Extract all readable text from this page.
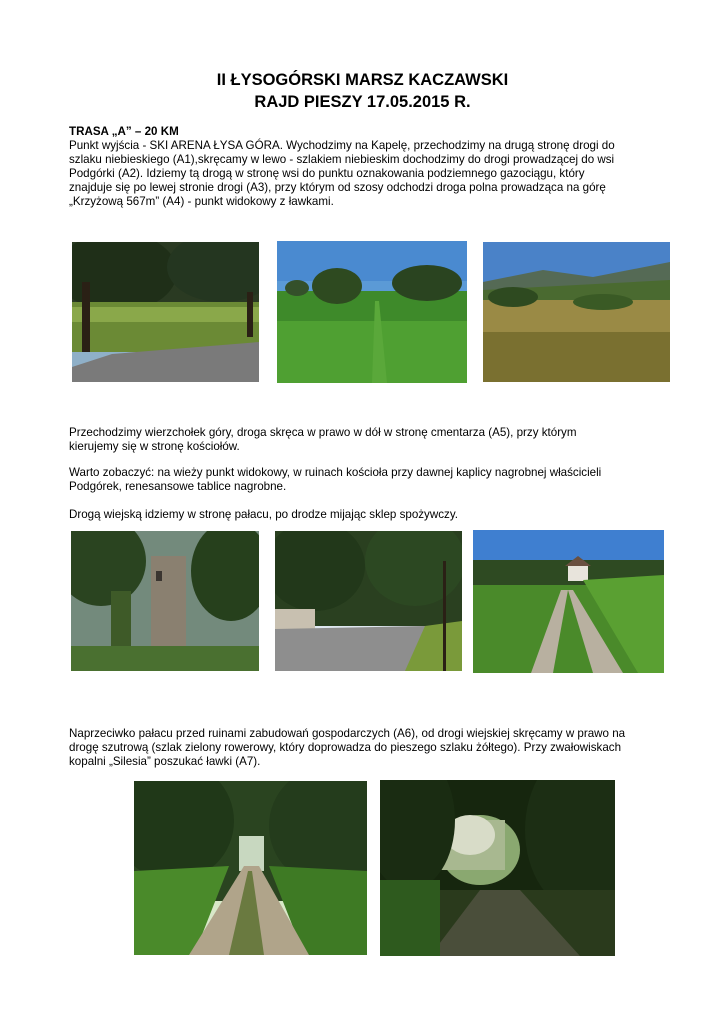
II ŁYSOGÓRSKI MARSZ KACZAWSKI
RAJD PIESZY 17.05.2015 R.
TRASA „A” – 20 KM
Punkt wyjścia - SKI ARENA ŁYSA GÓRA. Wychodzimy na Kapelę, przechodzimy na drugą stronę drogi do
szlaku niebieskiego (A1),skręcamy w lewo - szlakiem niebieskim dochodzimy do drogi prowadzącej do wsi
Podgórki (A2). Idziemy tą drogą w stronę wsi do punktu oznakowania podziemnego gazociągu, który
znajduje się po lewej stronie drogi (A3), przy którym od szosy odchodzi droga polna prowadząca na górę
„Krzyżową 567m” (A4) - punkt widokowy z ławkami.
Przechodzimy wierzchołek góry, droga skręca w prawo w dół w stronę cmentarza (A5), przy którym
kierujemy się w stronę kościołów.
Warto zobaczyć: na wieży punkt widokowy, w ruinach kościoła przy dawnej kaplicy nagrobnej właścicieli
Podgórek, renesansowe tablice nagrobne.
Drogą wiejską idziemy w stronę pałacu, po drodze mijając sklep spożywczy.
Naprzeciwko pałacu przed ruinami zabudowań gospodarczych (A6), od drogi wiejskiej skręcamy w prawo na
drogę szutrową (szlak zielony rowerowy, który doprowadza do pieszego szlaku żółtego). Przy zwałowiskach
kopalni „Silesia” poszukać ławki (A7).
